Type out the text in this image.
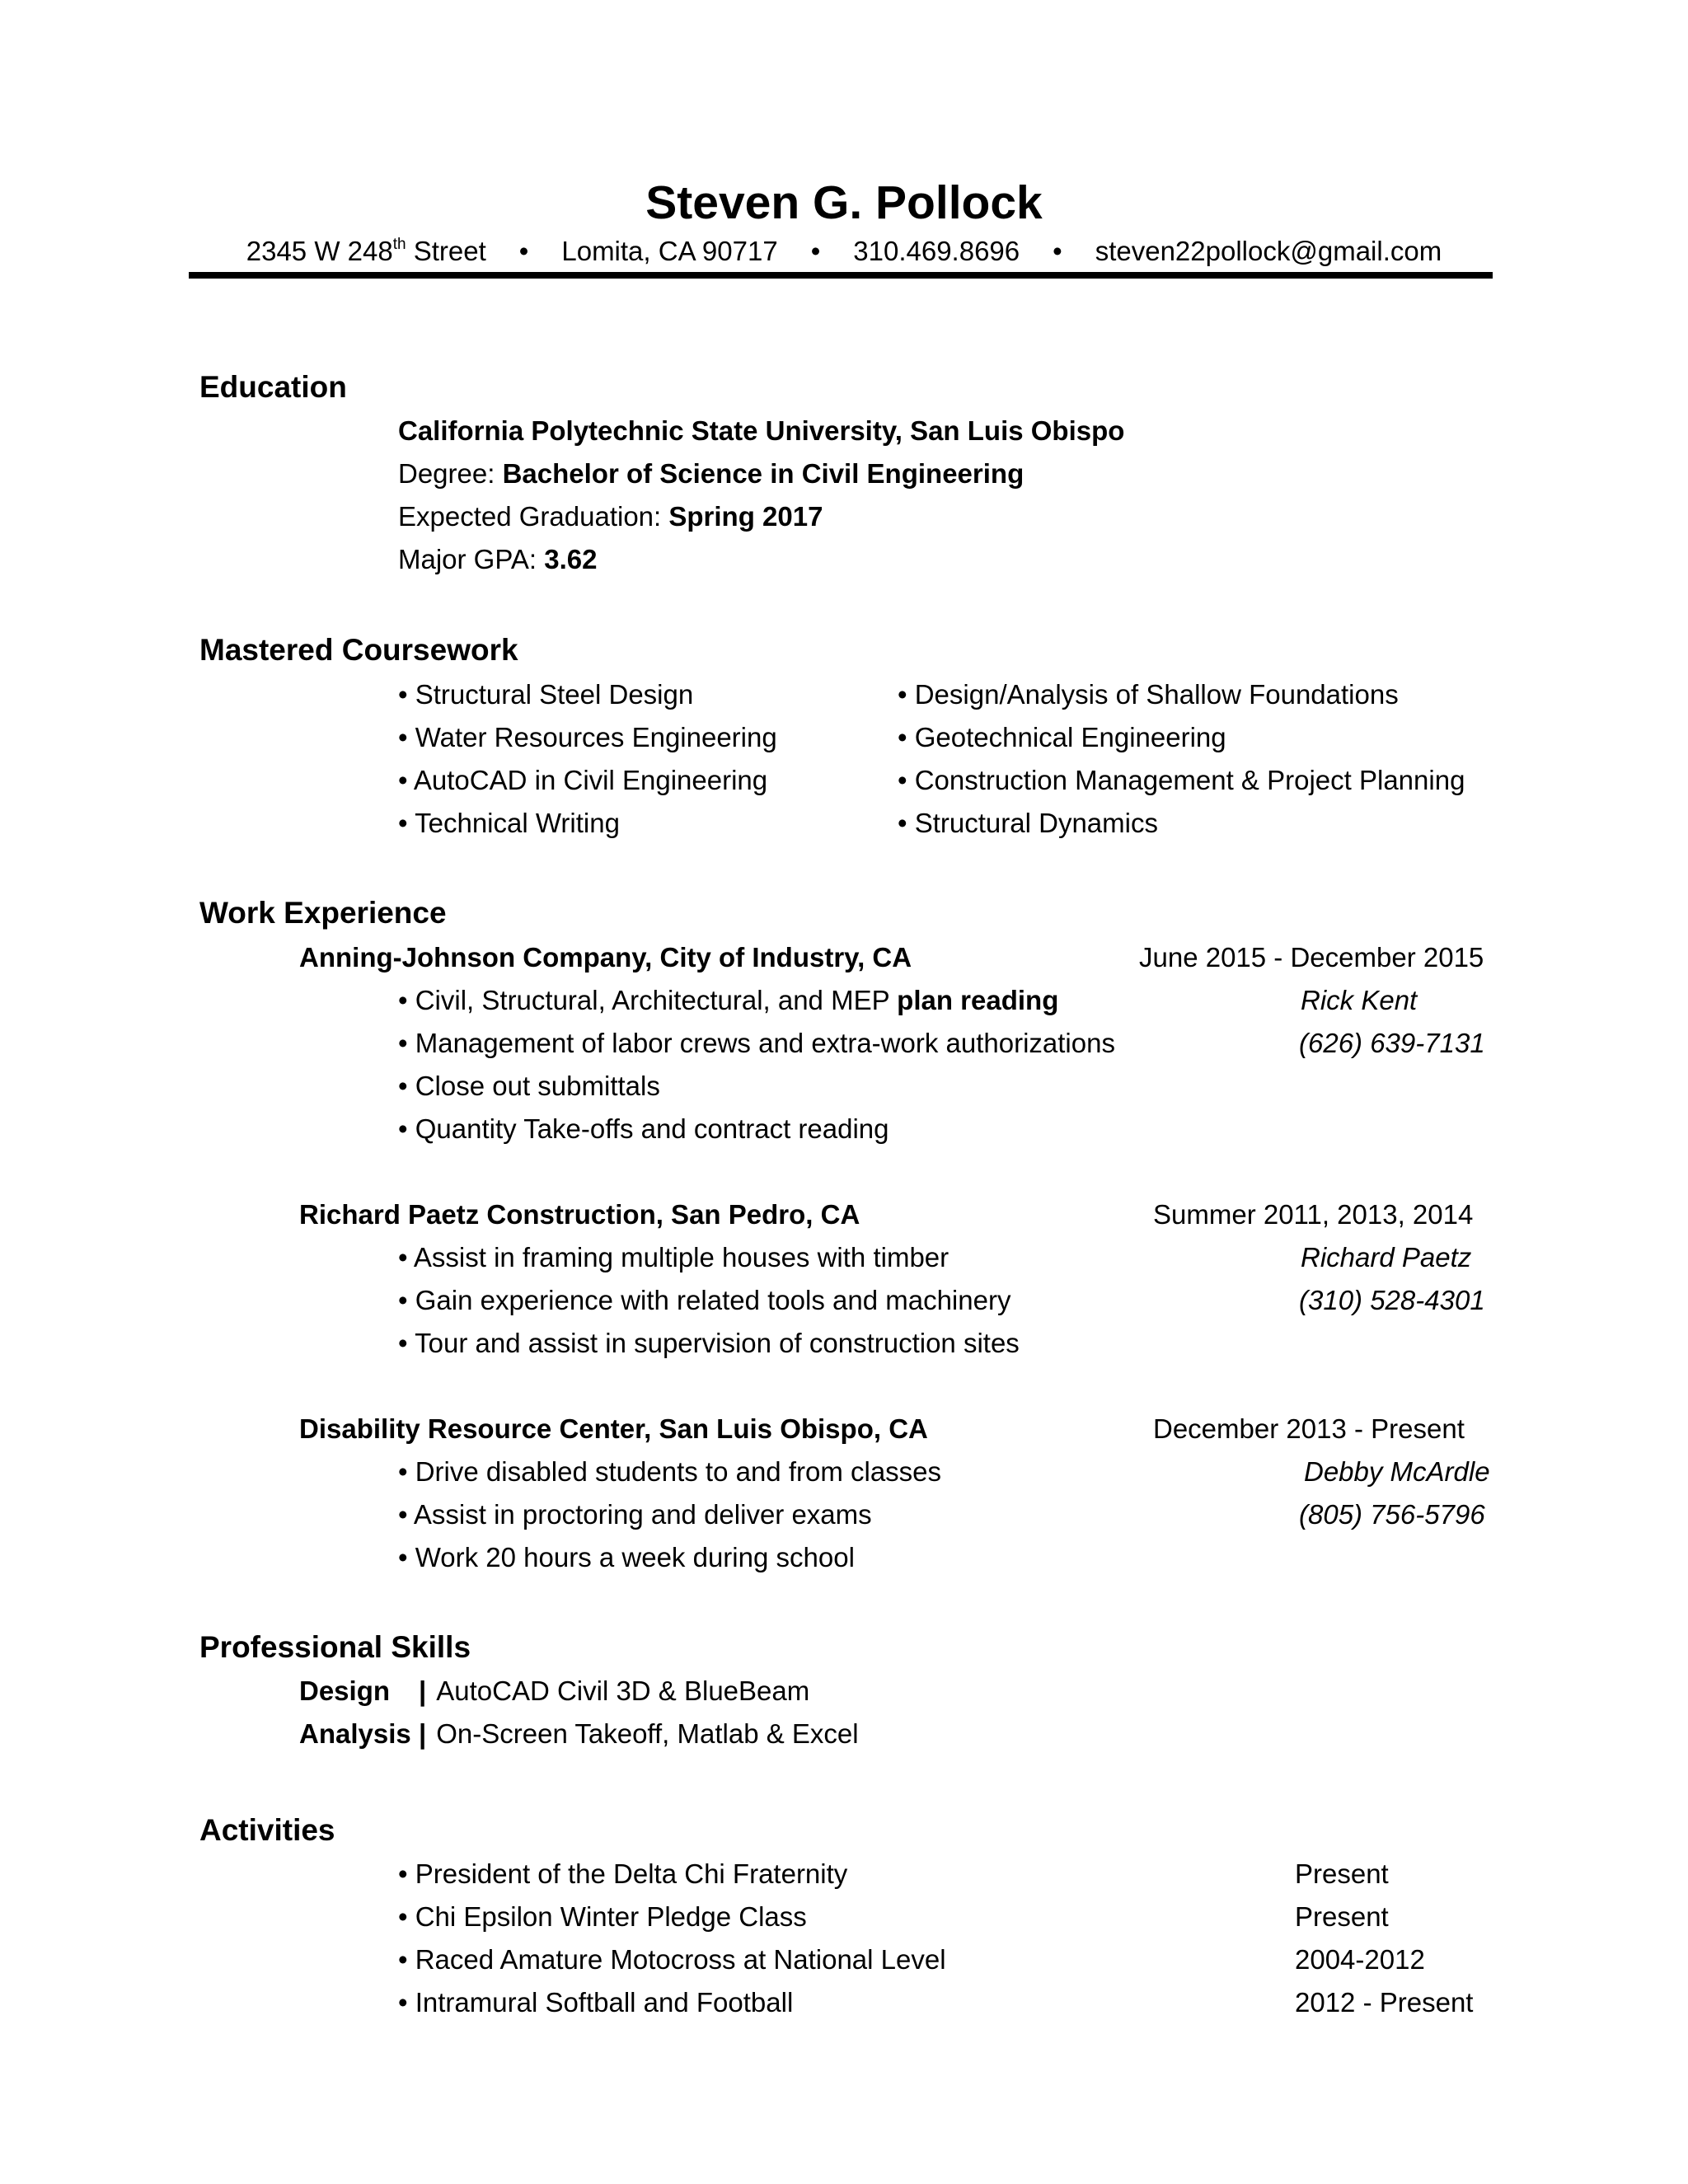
Steven G. Pollock
2345 W 248th Street • Lomita, CA 90717 • 310.469.8696 • steven22pollock@gmail.com
Education
California Polytechnic State University, San Luis Obispo
Degree: Bachelor of Science in Civil Engineering
Expected Graduation: Spring 2017
Major GPA: 3.62
Mastered Coursework
• Structural Steel Design
• Water Resources Engineering
• AutoCAD in Civil Engineering
• Technical Writing
• Design/Analysis of Shallow Foundations
• Geotechnical Engineering
• Construction Management & Project Planning
• Structural Dynamics
Work Experience
Anning-Johnson Company, City of Industry, CA	June 2015 - December 2015
• Civil, Structural, Architectural, and MEP plan reading
• Management of labor crews and extra-work authorizations
• Close out submittals
• Quantity Take-offs and contract reading
Rick Kent
(626) 639-7131
Richard Paetz Construction, San Pedro, CA	Summer 2011, 2013, 2014
• Assist in framing multiple houses with timber
• Gain experience with related tools and machinery
• Tour and assist in supervision of construction sites
Richard Paetz
(310) 528-4301
Disability Resource Center, San Luis Obispo, CA	December 2013 - Present
• Drive disabled students to and from classes
• Assist in proctoring and deliver exams
• Work 20 hours a week during school
Debby McArdle
(805) 756-5796
Professional Skills
Design | AutoCAD Civil 3D & BlueBeam
Analysis | On-Screen Takeoff, Matlab & Excel
Activities
• President of the Delta Chi Fraternity	Present
• Chi Epsilon Winter Pledge Class	Present
• Raced Amature Motocross at National Level	2004-2012
• Intramural Softball and Football	2012 - Present
